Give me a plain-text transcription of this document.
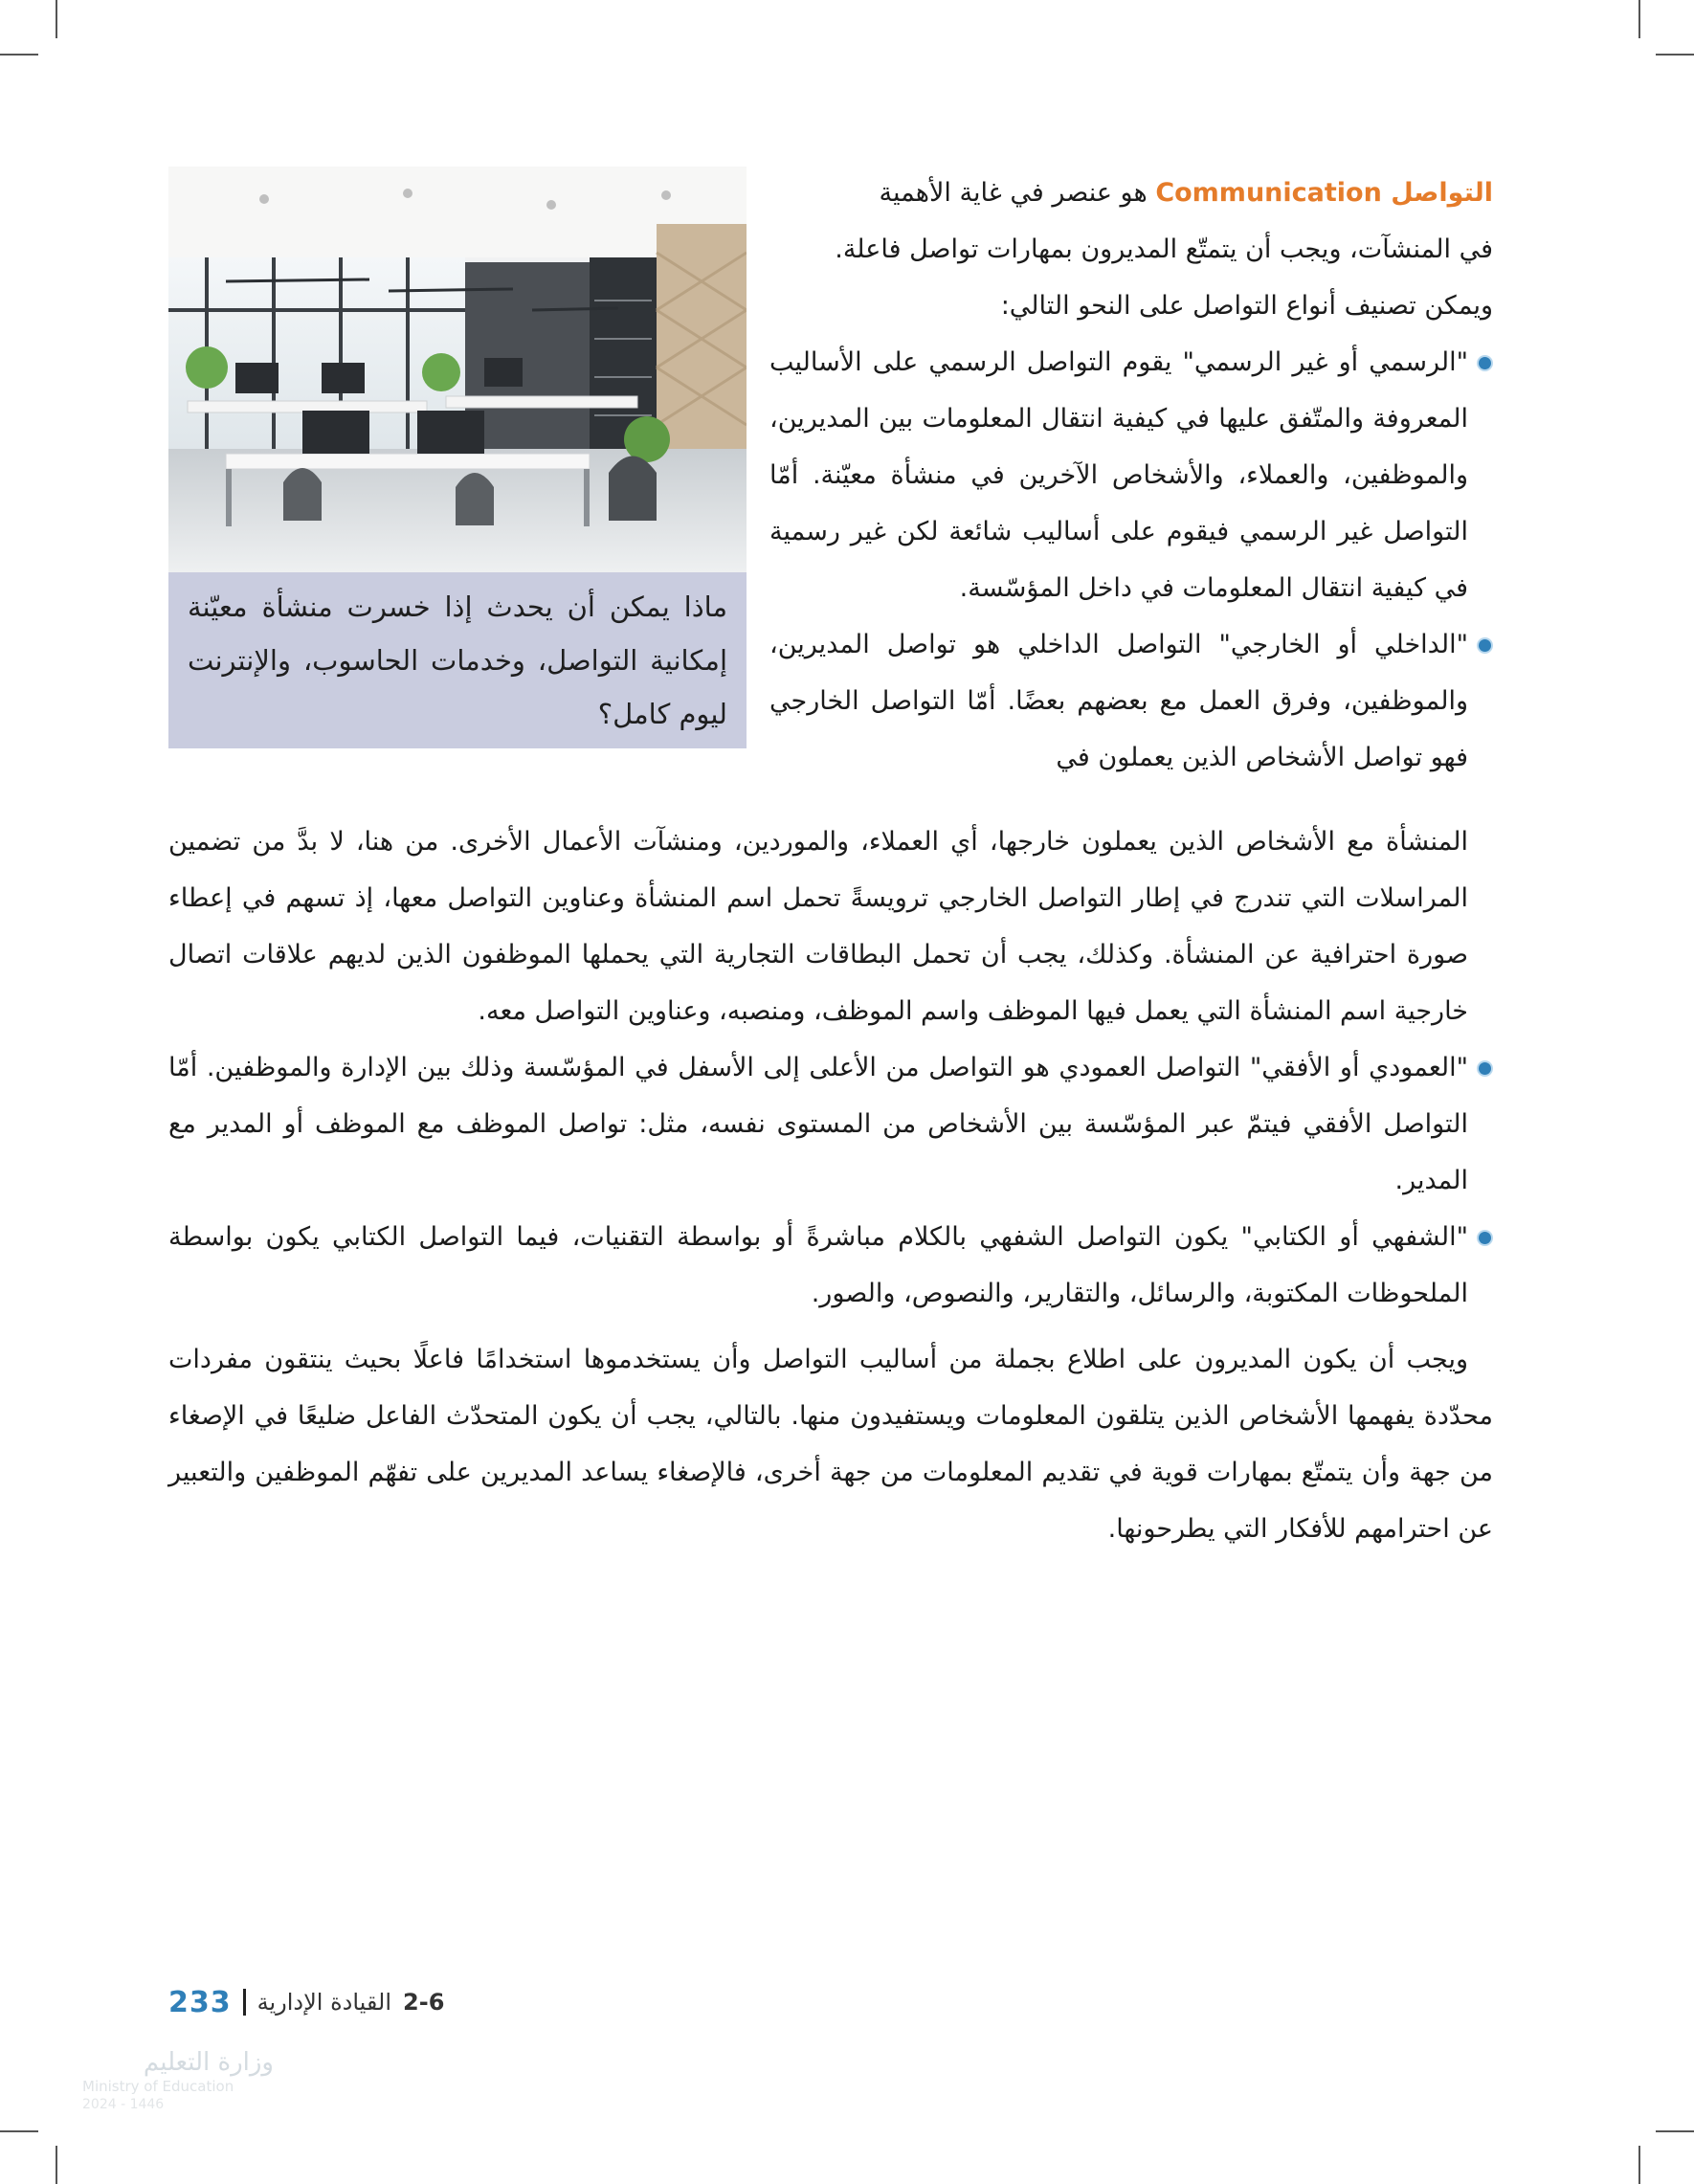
ماذا يمكن أن يحدث إذا خسرت منشأة معيّنة إمكانية التواصل، وخدمات الحاسوب، والإنترنت ليوم كامل؟

التواصل Communication هو عنصر في غاية الأهمية
في المنشآت، ويجب أن يتمتّع المديرون بمهارات تواصل فاعلة.
ويمكن تصنيف أنواع التواصل على النحو التالي:

"الرسمي أو غير الرسمي" يقوم التواصل الرسمي على الأساليب المعروفة والمتّفق عليها في كيفية انتقال المعلومات بين المديرين، والموظفين، والعملاء، والأشخاص الآخرين في منشأة معيّنة. أمّا التواصل غير الرسمي فيقوم على أساليب شائعة لكن غير رسمية في كيفية انتقال المعلومات في داخل المؤسّسة.

"الداخلي أو الخارجي" التواصل الداخلي هو تواصل المديرين، والموظفين، وفرق العمل مع بعضهم بعضًا. أمّا التواصل الخارجي فهو تواصل الأشخاص الذين يعملون في

المنشأة مع الأشخاص الذين يعملون خارجها، أي العملاء، والموردين، ومنشآت الأعمال الأخرى. من هنا، لا بدَّ من تضمين المراسلات التي تندرج في إطار التواصل الخارجي ترويسةً تحمل اسم المنشأة وعناوين التواصل معها، إذ تسهم في إعطاء صورة احترافية عن المنشأة. وكذلك، يجب أن تحمل البطاقات التجارية التي يحملها الموظفون الذين لديهم علاقات اتصال خارجية اسم المنشأة التي يعمل فيها الموظف واسم الموظف، ومنصبه، وعناوين التواصل معه.

"العمودي أو الأفقي" التواصل العمودي هو التواصل من الأعلى إلى الأسفل في المؤسّسة وذلك بين الإدارة والموظفين. أمّا التواصل الأفقي فيتمّ عبر المؤسّسة بين الأشخاص من المستوى نفسه، مثل: تواصل الموظف مع الموظف أو المدير مع المدير.

"الشفهي أو الكتابي" يكون التواصل الشفهي بالكلام مباشرةً أو بواسطة التقنيات، فيما التواصل الكتابي يكون بواسطة الملحوظات المكتوبة، والرسائل، والتقارير، والنصوص، والصور.

ويجب أن يكون المديرون على اطلاع بجملة من أساليب التواصل وأن يستخدموها استخدامًا فاعلًا بحيث ينتقون مفردات محدّدة يفهمها الأشخاص الذين يتلقون المعلومات ويستفيدون منها. بالتالي، يجب أن يكون المتحدّث الفاعل ضليعًا في الإصغاء من جهة وأن يتمتّع بمهارات قوية في تقديم المعلومات من جهة أخرى، فالإصغاء يساعد المديرين على تفهّم الموظفين والتعبير عن احترامهم للأفكار التي يطرحونها.

233 القيادة الإدارية 2-6
وزارة التعليم
Ministry of Education
2024 - 1446
